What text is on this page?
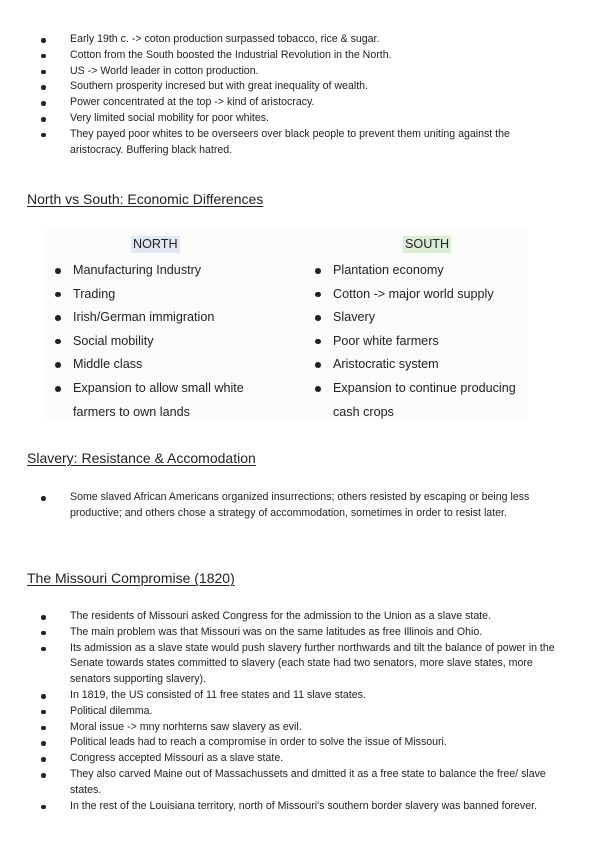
Early 19th c. -> coton production surpassed tobacco, rice & sugar.
Cotton from the South boosted the Industrial Revolution in the North.
US -> World leader in cotton production.
Southern prosperity incresed but with great inequality of wealth.
Power concentrated at the top -> kind of aristocracy.
Very limited social mobility for poor whites.
They payed poor whites to be overseers over black people to prevent them uniting against the aristocracy. Buffering black hatred.
North vs South: Economic Differences
NORTH
Manufacturing Industry
Trading
Irish/German immigration
Social mobility
Middle class
Expansion to allow small white farmers to own lands
SOUTH
Plantation economy
Cotton -> major world supply
Slavery
Poor white farmers
Aristocratic system
Expansion to continue producing cash crops
Slavery: Resistance & Accomodation
Some slaved African Americans organized insurrections; others resisted by escaping or being less productive; and others chose a strategy of accommodation, sometimes in order to resist later.
The Missouri Compromise (1820)
The residents of Missouri asked Congress for the admission to the Union as a slave state.
The main problem was that Missouri was on the same latitudes as free Illinois and Ohio.
Its admission as a slave state would push slavery further northwards and tilt the balance of power in the Senate towards states committed to slavery (each state had two senators, more slave states, more senators supporting slavery).
In 1819, the US consisted of 11 free states and 11 slave states.
Political dilemma.
Moral issue -> mny norhterns saw slavery as evil.
Political leads had to reach a compromise in order to solve the issue of Missouri.
Congress accepted Missouri as a slave state.
They also carved Maine out of Massachussets and dmitted it as a free state to balance the free/ slave states.
In the rest of the Louisiana territory, north of Missouri's southern border slavery was banned forever.
